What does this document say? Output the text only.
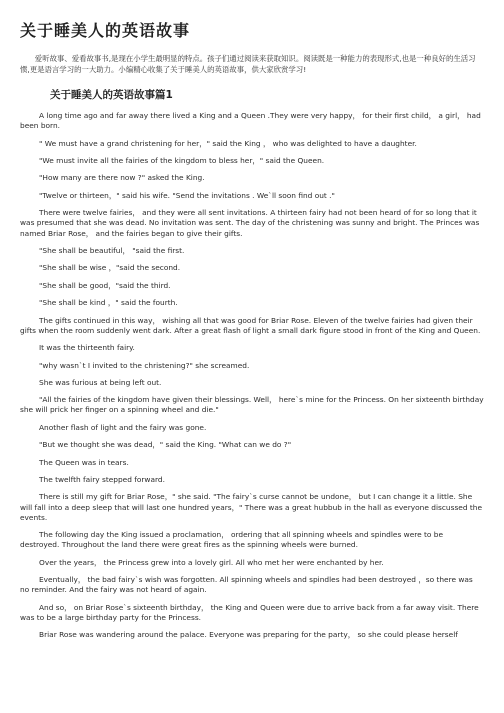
关于睡美人的英语故事
爱听故事、爱看故事书,是现在小学生最明显的特点。孩子们通过阅读来获取知识。阅读既是一种能力的表现形式,也是一种良好的生活习惯,更是语言学习的一大助力。小编精心收集了关于睡美人的英语故事，供大家欣赏学习!
关于睡美人的英语故事篇1

A long time ago and far away there lived a King and a Queen .They were very happy， for their first child， a girl， had been born.

" We must have a grand christening for her，" said the King ， who was delighted to have a daughter.

"We must invite all the fairies of the kingdom to bless her，" said the Queen.

"How many are there now ?" asked the King.

"Twelve or thirteen，" said his wife. "Send the invitations . We`ll soon find out ."

There were twelve fairies， and they were all sent invitations. A thirteen fairy had not been heard of for so long that it was presumed that she was dead. No invitation was sent. The day of the christening was sunny and bright. The Princes was named Briar Rose， and the fairies began to give their gifts.

"She shall be beautiful， "said the first.

"She shall be wise ，"said the second.

"She shall be good，"said the third.

"She shall be kind ，" said the fourth.

The gifts continued in this way， wishing all that was good for Briar Rose. Eleven of the twelve fairies had given their gifts when the room suddenly went dark. After a great flash of light a small dark figure stood in front of the King and Queen.

It was the thirteenth fairy.

"why wasn`t I invited to the christening?" she screamed.

She was furious at being left out.

"All the fairies of the kingdom have given their blessings. Well， here`s mine for the Princess. On her sixteenth birthday she will prick her finger on a spinning wheel and die."

Another flash of light and the fairy was gone.

"But we thought she was dead，" said the King. "What can we do ?"

The Queen was in tears.

The twelfth fairy stepped forward.

There is still my gift for Briar Rose，" she said. "The fairy`s curse cannot be undone， but I can change it a little. She will fall into a deep sleep that will last one hundred years，" There was a great hubbub in the hall as everyone discussed the events.

The following day the King issued a proclamation， ordering that all spinning wheels and spindles were to be destroyed. Throughout the land there were great fires as the spinning wheels were burned.

Over the years， the Princess grew into a lovely girl. All who met her were enchanted by her.

Eventually， the bad fairy`s wish was forgotten. All spinning wheels and spindles had been destroyed ，so there was no reminder. And the fairy was not heard of again.

And so， on Briar Rose`s sixteenth birthday， the King and Queen were due to arrive back from a far away visit. There was to be a large birthday party for the Princess.

Briar Rose was wandering around the palace. Everyone was preparing for the party， so she could please herself
